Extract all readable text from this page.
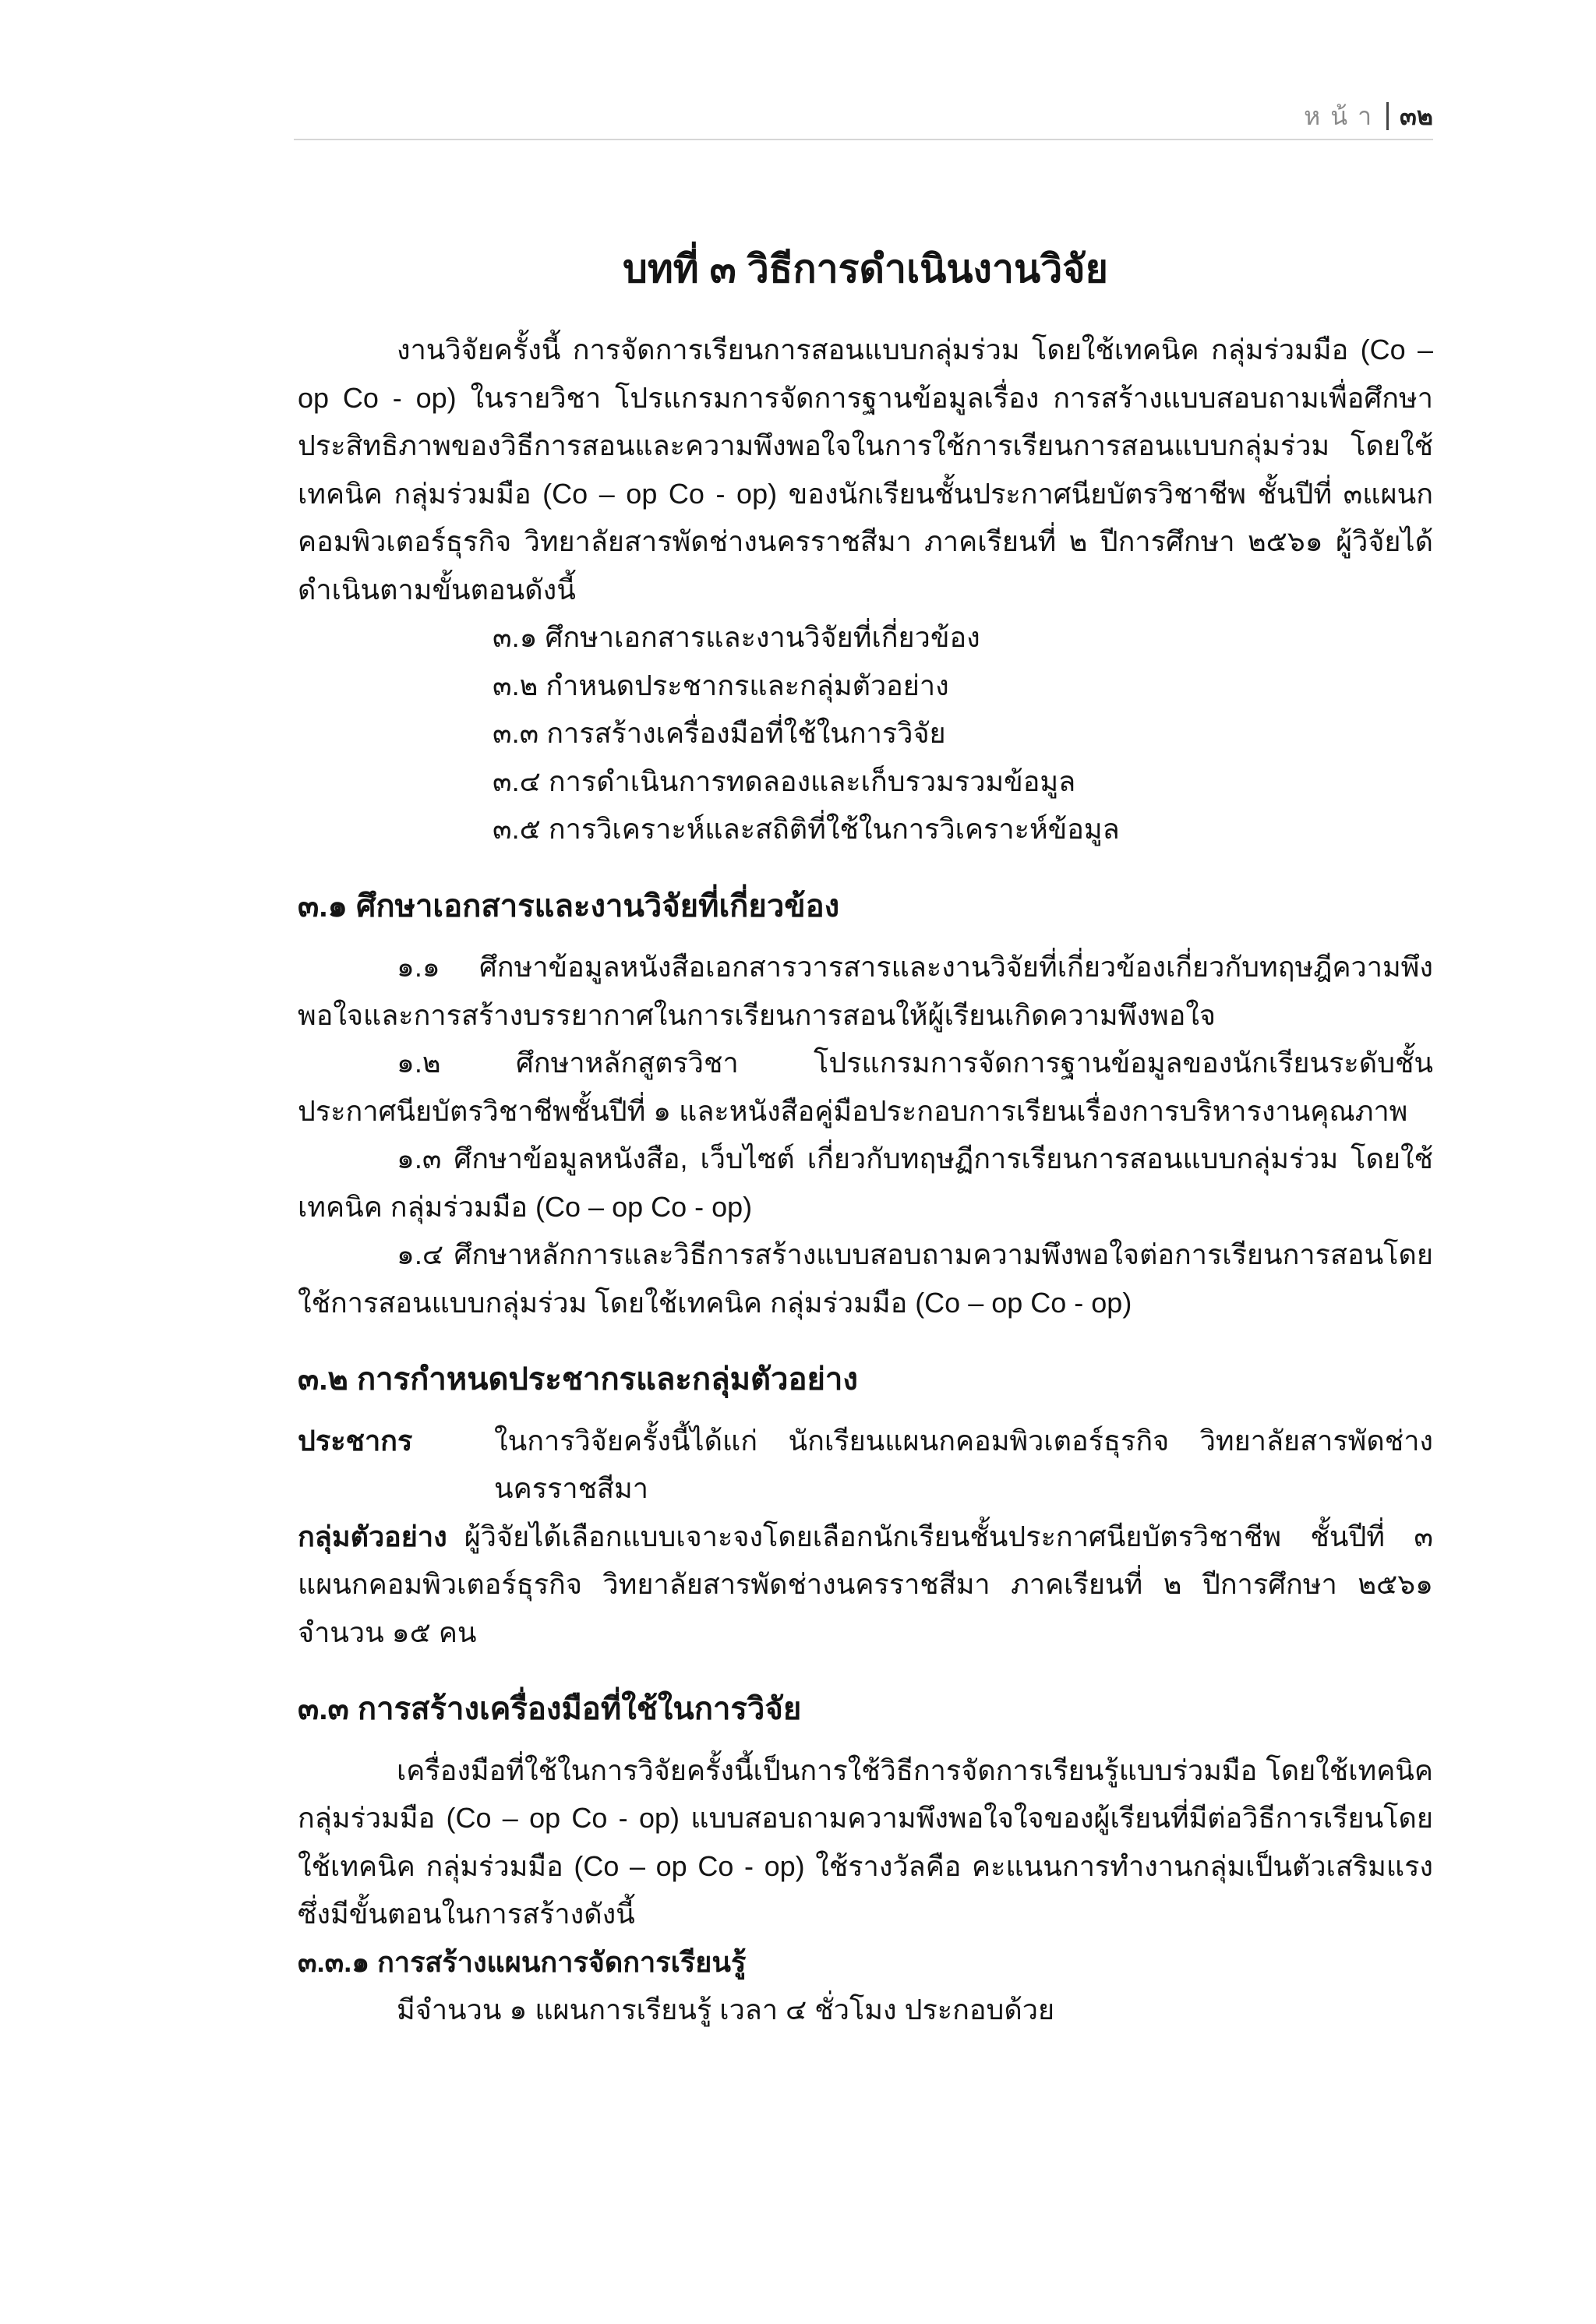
หน้า ๓๒
บทที่ ๓ วิธีการดำเนินงานวิจัย

งานวิจัยครั้งนี้ การจัดการเรียนการสอนแบบกลุ่มร่วม โดยใช้เทคนิค กลุ่มร่วมมือ (Co – op Co - op) ในรายวิชา โปรแกรมการจัดการฐานข้อมูลเรื่อง การสร้างแบบสอบถามเพื่อศึกษาประสิทธิภาพของวิธีการสอนและความพึงพอใจในการใช้การเรียนการสอนแบบกลุ่มร่วม โดยใช้เทคนิค กลุ่มร่วมมือ (Co – op Co - op) ของนักเรียนชั้นประกาศนียบัตรวิชาชีพ ชั้นปีที่ ๓แผนกคอมพิวเตอร์ธุรกิจ วิทยาลัยสารพัดช่างนครราชสีมา ภาคเรียนที่ ๒ ปีการศึกษา ๒๕๖๑ ผู้วิจัยได้ดำเนินตามขั้นตอนดังนี้

๓.๑ ศึกษาเอกสารและงานวิจัยที่เกี่ยวข้อง
๓.๒ กำหนดประชากรและกลุ่มตัวอย่าง
๓.๓ การสร้างเครื่องมือที่ใช้ในการวิจัย
๓.๔ การดำเนินการทดลองและเก็บรวมรวมข้อมูล
๓.๕ การวิเคราะห์และสถิติที่ใช้ในการวิเคราะห์ข้อมูล
๓.๑ ศึกษาเอกสารและงานวิจัยที่เกี่ยวข้อง

๑.๑ ศึกษาข้อมูลหนังสือเอกสารวารสารและงานวิจัยที่เกี่ยวข้องเกี่ยวกับทฤษฎีความพึงพอใจและการสร้างบรรยากาศในการเรียนการสอนให้ผู้เรียนเกิดความพึงพอใจ

๑.๒ ศึกษาหลักสูตรวิชา โปรแกรมการจัดการฐานข้อมูลของนักเรียนระดับชั้นประกาศนียบัตรวิชาชีพชั้นปีที่ ๑ และหนังสือคู่มือประกอบการเรียนเรื่องการบริหารงานคุณภาพ

๑.๓ ศึกษาข้อมูลหนังสือ, เว็บไซต์ เกี่ยวกับทฤษฏีการเรียนการสอนแบบกลุ่มร่วม โดยใช้เทคนิค กลุ่มร่วมมือ (Co – op Co - op)

๑.๔ ศึกษาหลักการและวิธีการสร้างแบบสอบถามความพึงพอใจต่อการเรียนการสอนโดยใช้การสอนแบบกลุ่มร่วม โดยใช้เทคนิค กลุ่มร่วมมือ (Co – op Co - op)

๓.๒ การกำหนดประชากรและกลุ่มตัวอย่าง
ประชากร	ในการวิจัยครั้งนี้ได้แก่ นักเรียนแผนกคอมพิวเตอร์ธุรกิจ วิทยาลัยสารพัดช่างนครราชสีมา

กลุ่มตัวอย่าง ผู้วิจัยได้เลือกแบบเจาะจงโดยเลือกนักเรียนชั้นประกาศนียบัตรวิชาชีพ ชั้นปีที่ ๓ แผนกคอมพิวเตอร์ธุรกิจ วิทยาลัยสารพัดช่างนครราชสีมา ภาคเรียนที่ ๒ ปีการศึกษา ๒๕๖๑ จำนวน ๑๕ คน

๓.๓ การสร้างเครื่องมือที่ใช้ในการวิจัย

เครื่องมือที่ใช้ในการวิจัยครั้งนี้เป็นการใช้วิธีการจัดการเรียนรู้แบบร่วมมือ โดยใช้เทคนิค กลุ่มร่วมมือ (Co – op Co - op) แบบสอบถามความพึงพอใจใจของผู้เรียนที่มีต่อวิธีการเรียนโดยใช้เทคนิค กลุ่มร่วมมือ (Co – op Co - op) ใช้รางวัลคือ คะแนนการทำงานกลุ่มเป็นตัวเสริมแรง ซึ่งมีขั้นตอนในการสร้างดังนี้

๓.๓.๑ การสร้างแผนการจัดการเรียนรู้

มีจำนวน ๑ แผนการเรียนรู้ เวลา ๔ ชั่วโมง ประกอบด้วย
